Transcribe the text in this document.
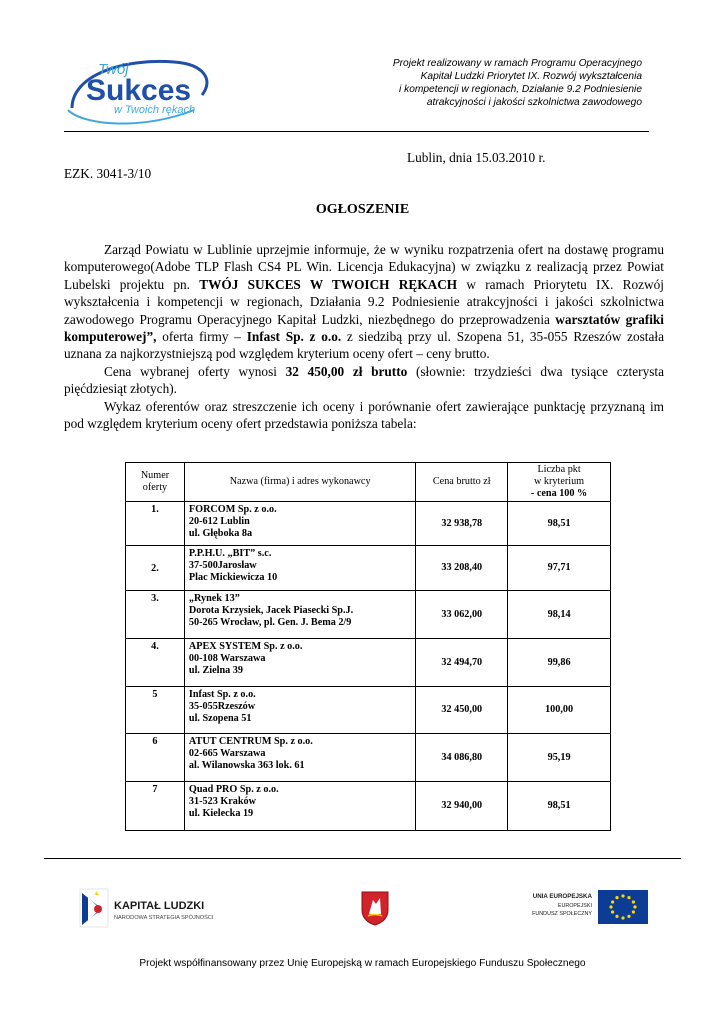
Twój
Sukces
w Twoich rękach
Projekt realizowany w ramach Programu Operacyjnego
Kapitał Ludzki Priorytet IX. Rozwój wykształcenia
i kompetencji w regionach, Działanie 9.2 Podniesienie
atrakcyjności i jakości szkolnictwa zawodowego
Lublin, dnia 15.03.2010 r.
EZK. 3041-3/10
OGŁOSZENIE

Zarząd Powiatu w Lublinie uprzejmie informuje, że w wyniku rozpatrzenia ofert na dostawę programu komputerowego(Adobe TLP Flash CS4 PL Win. Licencja Edukacyjna) w związku z realizacją przez Powiat Lubelski projektu pn. TWÓJ SUKCES W TWOICH RĘKACH w ramach Priorytetu IX. Rozwój wykształcenia i kompetencji w regionach, Działania 9.2 Podniesienie atrakcyjności i jakości szkolnictwa zawodowego Programu Operacyjnego Kapitał Ludzki, niezbędnego do przeprowadzenia warsztatów grafiki komputerowej”, oferta firmy – Infast Sp. z o.o. z siedzibą przy ul. Szopena 51, 35-055 Rzeszów została uznana za najkorzystniejszą pod względem kryterium oceny ofert – ceny brutto.

Cena wybranej oferty wynosi 32 450,00 zł brutto (słownie: trzydzieści dwa tysiące czterysta pięćdziesiąt złotych).

Wykaz oferentów oraz streszczenie ich oceny i porównanie ofert zawierające punktację przyznaną im pod względem kryterium oceny ofert przedstawia poniższa tabela:

Numer
oferty	Nazwa (firma) i adres wykonawcy	Cena brutto zł	Liczba pkt
w kryterium
- cena 100 %

1.	FORCOM Sp. z o.o.
20-612 Lublin
ul. Głęboka 8a	32 938,78	98,51
2.	P.P.H.U. „BIT” s.c.
37-500Jarosław
Plac Mickiewicza 10	33 208,40	97,71
3.	„Rynek 13”
Dorota Krzysiek, Jacek Piasecki Sp.J.
50-265 Wrocław, pl. Gen. J. Bema 2/9	33 062,00	98,14
4.	APEX SYSTEM Sp. z o.o.
00-108 Warszawa
ul. Zielna 39	32 494,70	99,86
5	Infast Sp. z o.o.
35-055Rzeszów
ul. Szopena 51	32 450,00	100,00
6	ATUT CENTRUM Sp. z o.o.
02-665 Warszawa
al. Wilanowska 363 lok. 61	34 086,80	95,19
7	Quad PRO Sp. z o.o.
31-523 Kraków
ul. Kielecka 19	32 940,00	98,51
KAPITAŁ LUDZKI
NARODOWA STRATEGIA SPÓJNOŚCI
UNIA EUROPEJSKA
EUROPEJSKI
FUNDUSZ SPOŁECZNY
Projekt współfinansowany przez Unię Europejską w ramach Europejskiego Funduszu Społecznego
